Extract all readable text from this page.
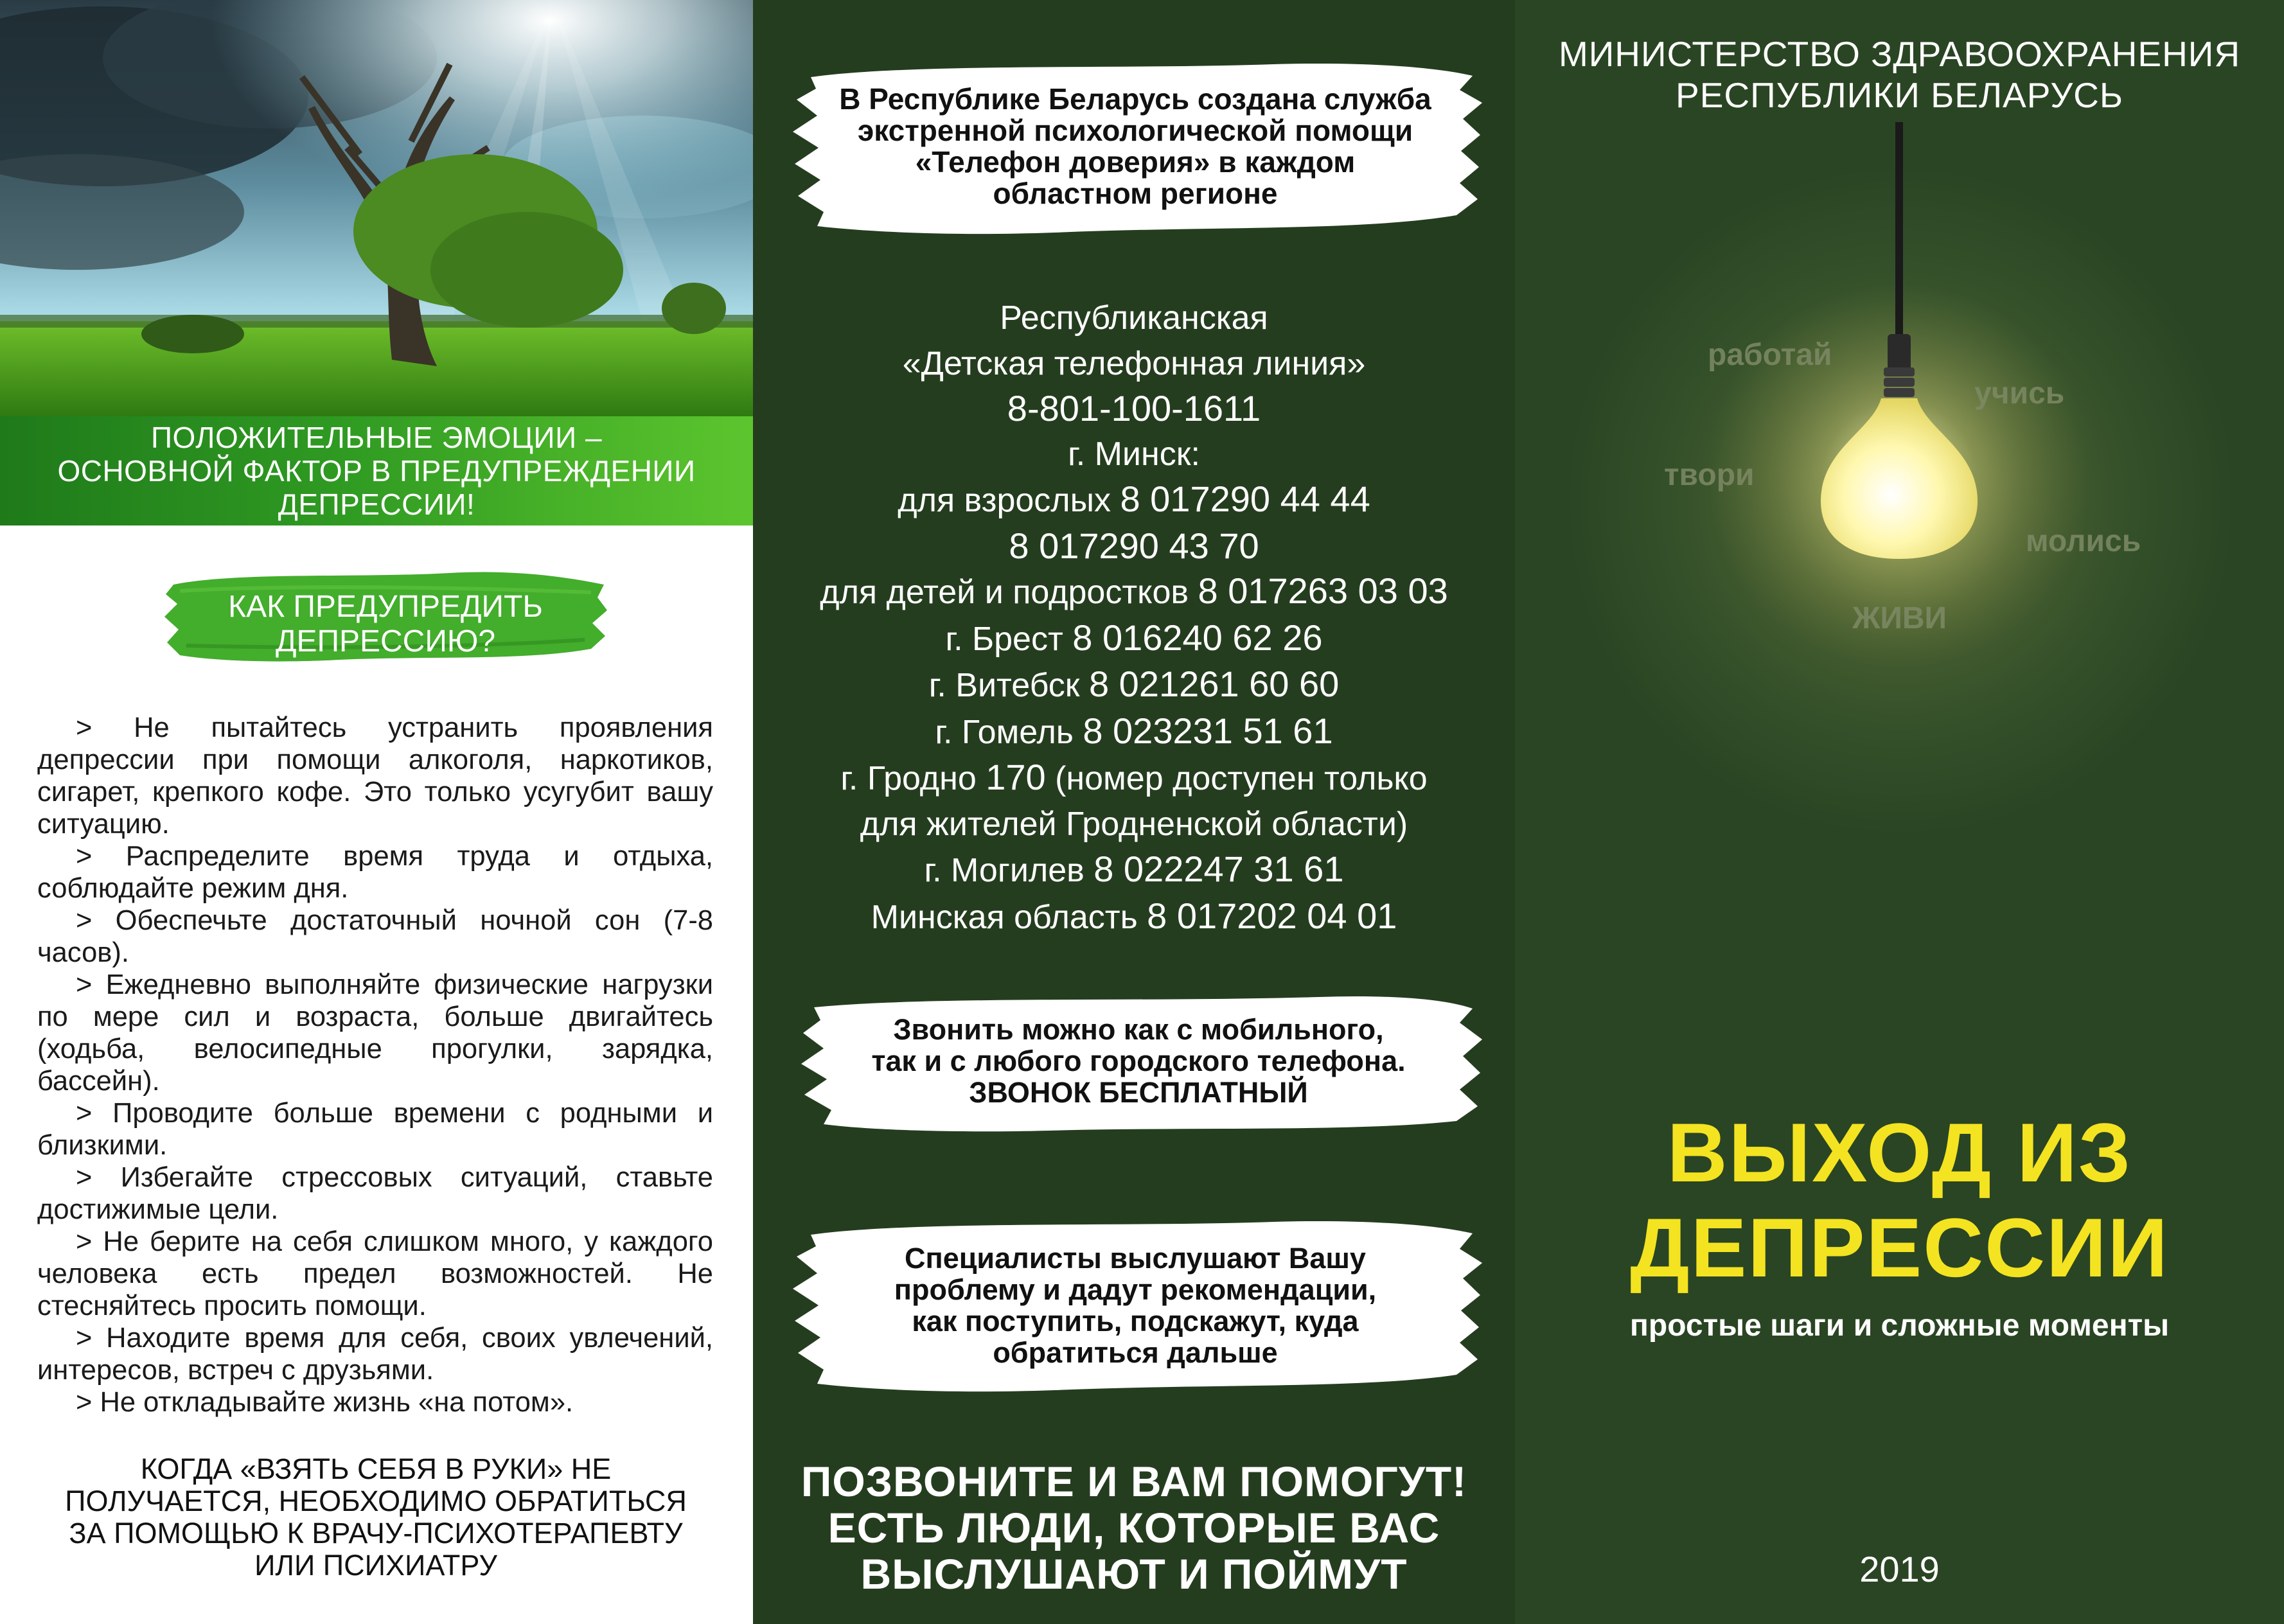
ПОЛОЖИТЕЛЬНЫЕ ЭМОЦИИ –
ОСНОВНОЙ ФАКТОР В ПРЕДУПРЕЖДЕНИИ
ДЕПРЕССИИ!
КАК ПРЕДУПРЕДИТЬ
ДЕПРЕССИЮ?

> Не пытайтесь устранить проявления депрессии при помощи алкоголя, наркотиков, сигарет, крепкого кофе. Это только усугубит вашу ситуацию.

> Распределите время труда и отдыха, соблюдайте режим дня.

> Обеспечьте достаточный ночной сон (7-8 часов).

> Ежедневно выполняйте физические нагрузки по мере сил и возраста, больше двигайтесь (ходьба, велосипедные прогулки, зарядка, бассейн).

> Проводите больше времени с родными и близкими.

> Избегайте стрессовых ситуаций, ставьте достижимые цели.

> Не берите на себя слишком много, у каждого человека есть предел возможностей. Не стесняйтесь просить помощи.

> Находите время для себя, своих увлечений, интересов, встреч с друзьями.

> Не откладывайте жизнь «на потом».

КОГДА «ВЗЯТЬ СЕБЯ В РУКИ» НЕ
ПОЛУЧАЕТСЯ, НЕОБХОДИМО ОБРАТИТЬСЯ
ЗА ПОМОЩЬЮ К ВРАЧУ-ПСИХОТЕРАПЕВТУ
ИЛИ ПСИХИАТРУ
В Республике Беларусь создана служба
экстренной психологической помощи
«Телефон доверия» в каждом
областном регионе
Республиканская
«Детская телефонная линия»
8-801-100-1611
г. Минск:
для взрослых 8 017290 44 44
8 017290 43 70
для детей и подростков 8 017263 03 03
г. Брест 8 016240 62 26
г. Витебск 8 021261 60 60
г. Гомель 8 023231 51 61
г. Гродно 170 (номер доступен только
для жителей Гродненской области)
г. Могилев 8 022247 31 61
Минская область 8 017202 04 01
Звонить можно как с мобильного,
так и с любого городского телефона.
ЗВОНОК БЕСПЛАТНЫЙ
Специалисты выслушают Вашу
проблему и дадут рекомендации,
как поступить, подскажут, куда
обратиться дальше
ПОЗВОНИТЕ И ВАМ ПОМОГУТ!
ЕСТЬ ЛЮДИ, КОТОРЫЕ ВАС
ВЫСЛУШАЮТ И ПОЙМУТ
МИНИСТЕРСТВО ЗДРАВООХРАНЕНИЯ
РЕСПУБЛИКИ БЕЛАРУСЬ
работай
учись
твори
молись
ЖИВИ
ВЫХОД ИЗ
ДЕПРЕССИИ
простые шаги и сложные моменты
2019
